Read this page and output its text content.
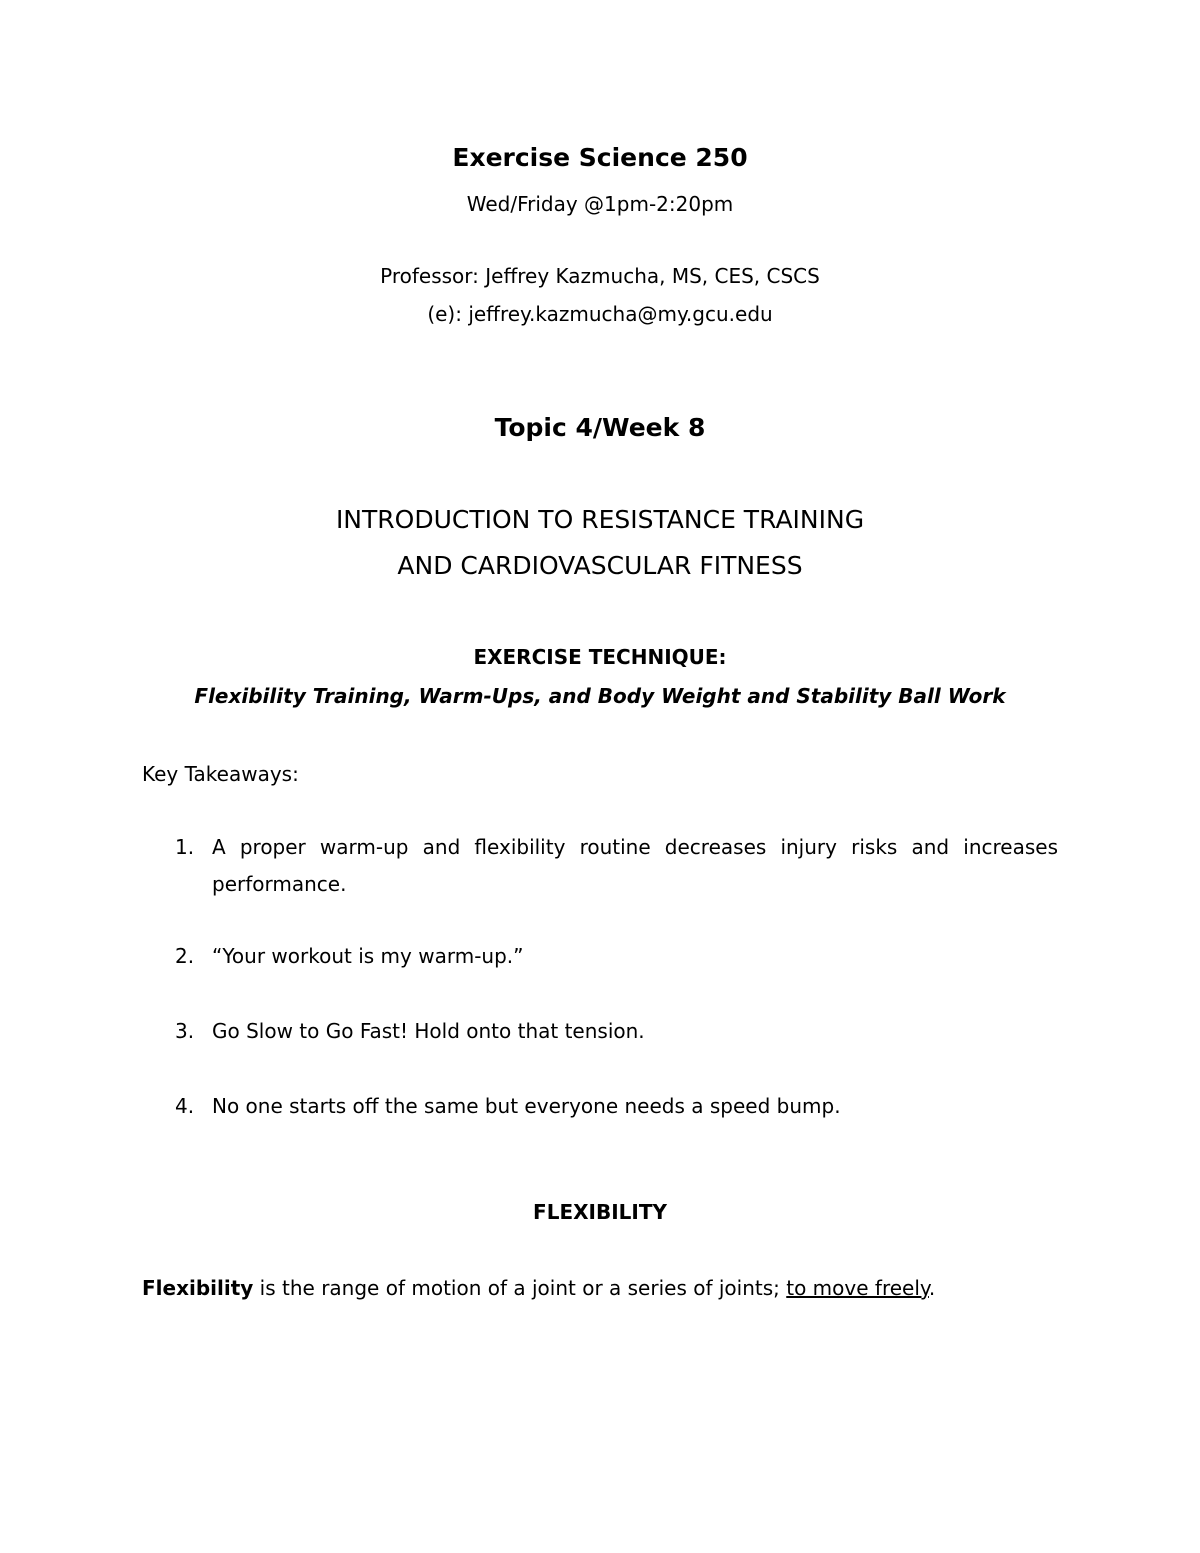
Exercise Science 250
Wed/Friday @1pm-2:20pm
Professor: Jeffrey Kazmucha, MS, CES, CSCS
(e): jeffrey.kazmucha@my.gcu.edu
Topic 4/Week 8
INTRODUCTION TO RESISTANCE TRAINING
AND CARDIOVASCULAR FITNESS
EXERCISE TECHNIQUE:
Flexibility Training, Warm-Ups, and Body Weight and Stability Ball Work
Key Takeaways:
1. A proper warm-up and flexibility routine decreases injury risks and increases performance.
2. “Your workout is my warm-up.”
3. Go Slow to Go Fast! Hold onto that tension.
4. No one starts off the same but everyone needs a speed bump.
FLEXIBILITY
Flexibility is the range of motion of a joint or a series of joints; to move freely.
